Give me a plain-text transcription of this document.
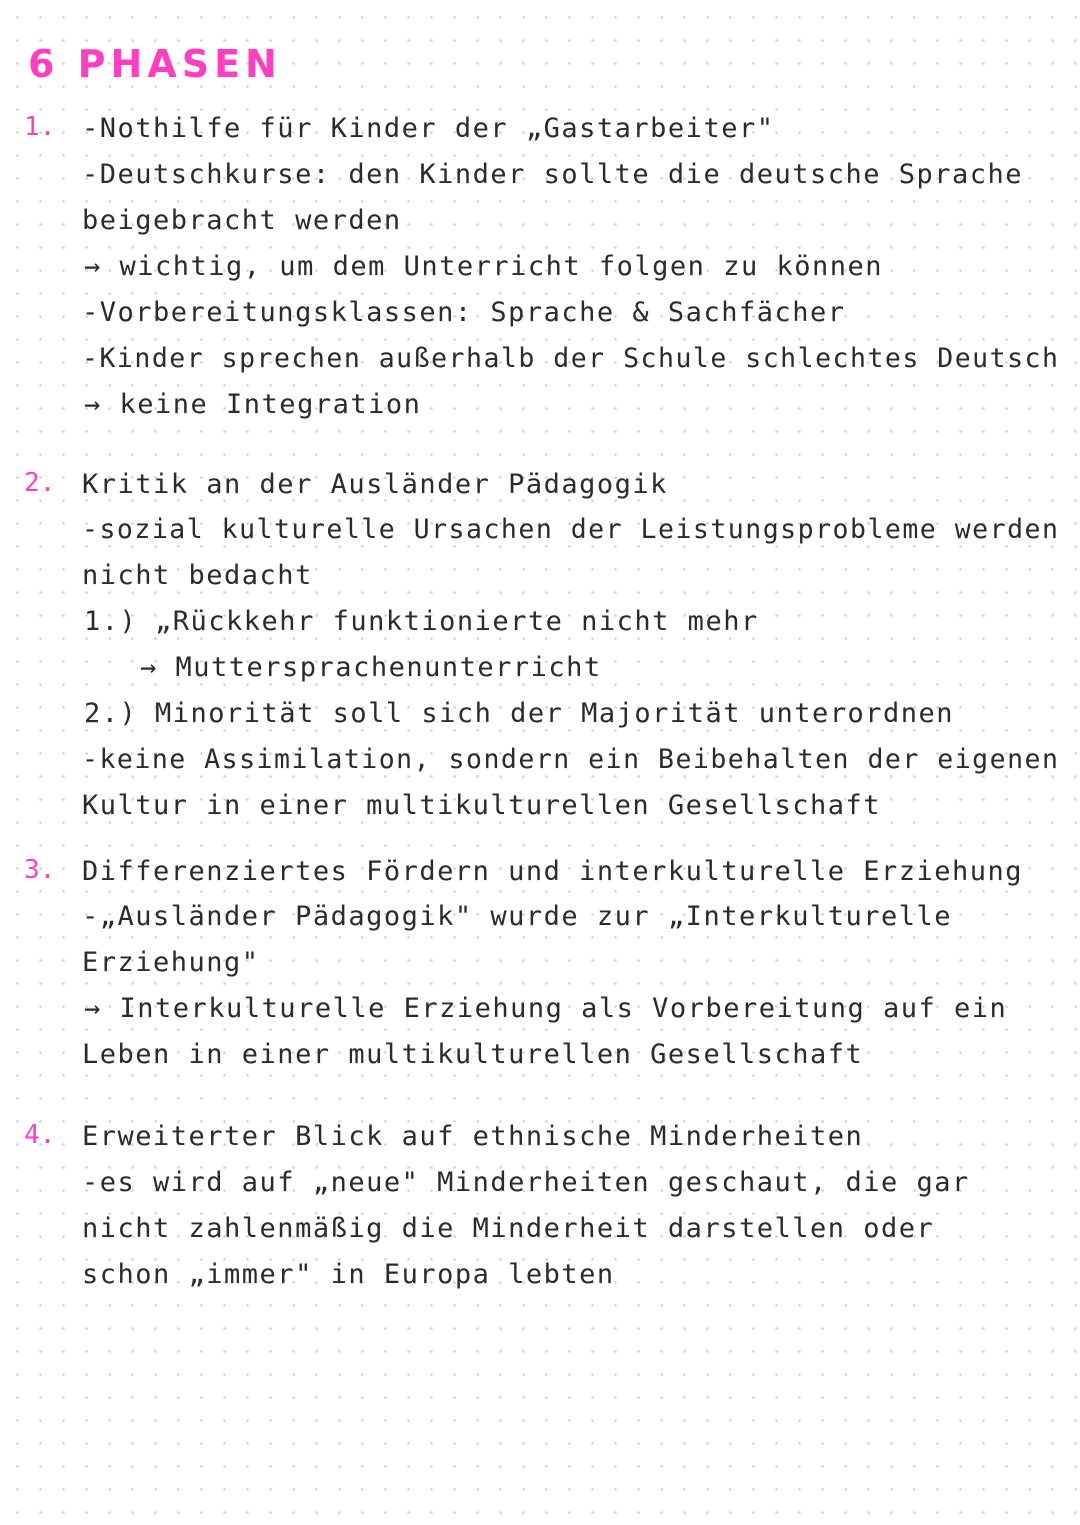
6 PHASEN
1. -Nothilfe für Kinder der „Gastarbeiter"
-Deutschkurse: den Kinder sollte die deutsche Sprache
beigebracht werden
→ wichtig, um dem Unterricht folgen zu können
-Vorbereitungsklassen: Sprache & Sachfächer
-Kinder sprechen außerhalb der Schule schlechtes Deutsch
→ keine Integration
2. Kritik an der Ausländer Pädagogik
-sozial kulturelle Ursachen der Leistungsprobleme werden
nicht bedacht
1.) „Rückkehr funktionierte nicht mehr
→ Muttersprachenunterricht
2.) Minorität soll sich der Majorität unterordnen
-keine Assimilation, sondern ein Beibehalten der eigenen
Kultur in einer multikulturellen Gesellschaft
3. Differenziertes Fördern und interkulturelle Erziehung
-„Ausländer Pädagogik" wurde zur „Interkulturelle
Erziehung"
→ Interkulturelle Erziehung als Vorbereitung auf ein
Leben in einer multikulturellen Gesellschaft
4. Erweiterter Blick auf ethnische Minderheiten
-es wird auf „neue" Minderheiten geschaut, die gar
nicht zahlenmäßig die Minderheit darstellen oder
schon „immer" in Europa lebten
